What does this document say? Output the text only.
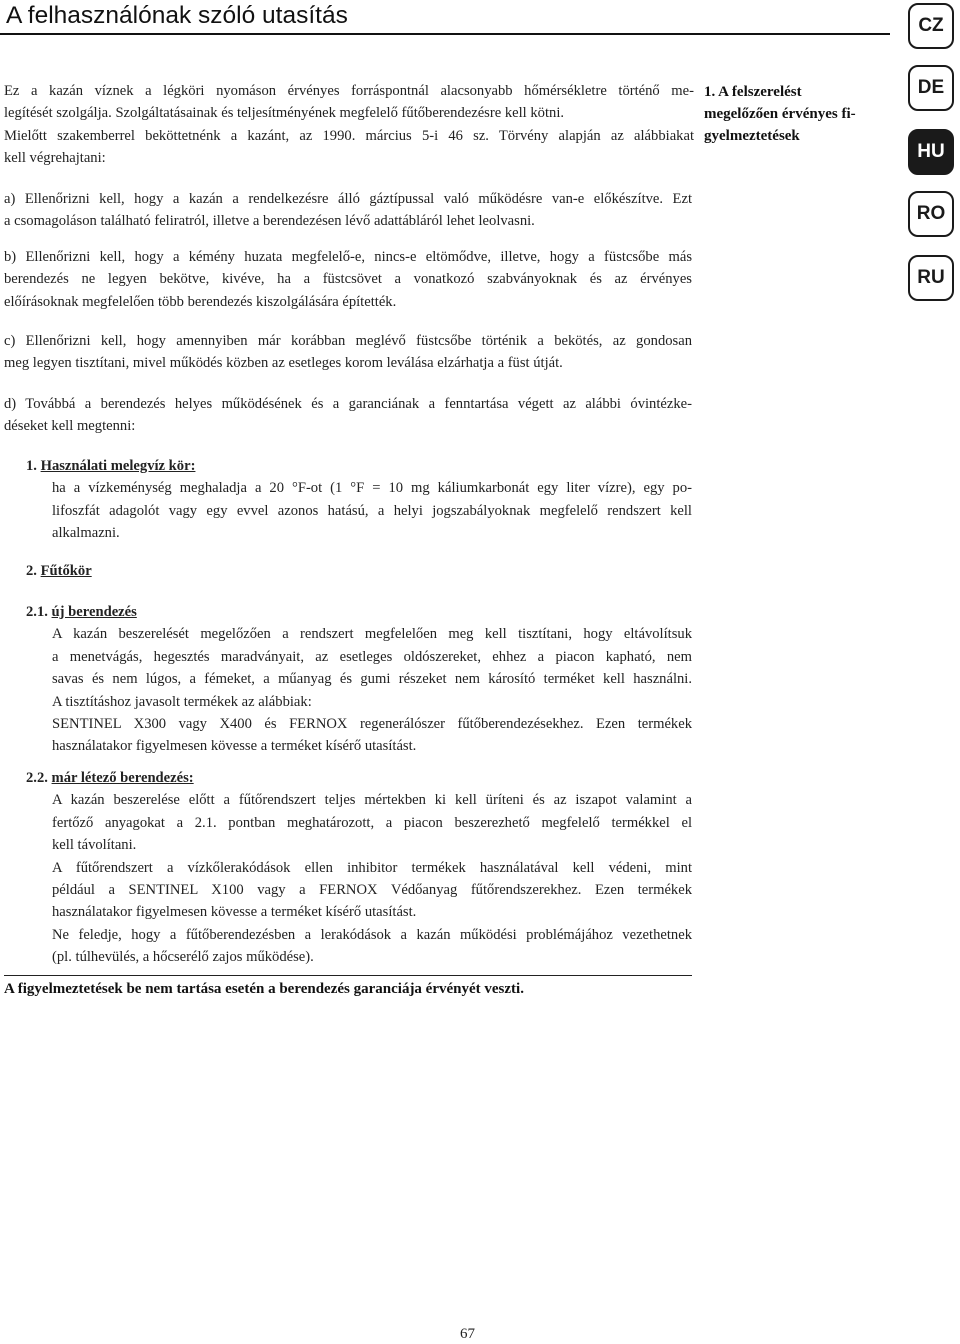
A felhasználónak szóló utasítás	CZ
DE
HU
RO
RU
1. A felszerelést
megelőzően érvényes fi-
gyelmeztetések
Ez a kazán víznek a légköri nyomáson érvényes forráspontnál alacsonyabb hőmérsékletre történő me-
legítését szolgálja. Szolgáltatásainak és teljesítményének megfelelő fűtőberendezésre kell kötni.
Mielőtt szakemberrel beköttetnénk a kazánt, az 1990. március 5-i 46 sz. Törvény alapján az alábbiakat
kell végrehajtani:
a) Ellenőrizni kell, hogy a kazán a rendelkezésre álló gáztípussal való működésre van-e előkészítve. Ezt
a csomagoláson található feliratról, illetve a berendezésen lévő adattábláról lehet leolvasni.
b) Ellenőrizni kell, hogy a kémény huzata megfelelő-e, nincs-e eltömődve, illetve, hogy a füstcsőbe más
berendezés ne legyen bekötve, kivéve, ha a füstcsövet a vonatkozó szabványoknak és az érvényes
előírásoknak megfelelően több berendezés kiszolgálására építették.
c) Ellenőrizni kell, hogy amennyiben már korábban meglévő füstcsőbe történik a bekötés, az gondosan
meg legyen tisztítani, mivel működés közben az esetleges korom leválása elzárhatja a füst útját.
d) Továbbá a berendezés helyes működésének és a garanciának a fenntartása végett az alábbi óvintézke-
déseket kell megtenni:
1. Használati melegvíz kör:
ha a vízkeménység meghaladja a 20 °F-ot (1 °F = 10 mg káliumkarbonát egy liter vízre), egy po-
lifoszfát adagolót vagy egy evvel azonos hatású, a helyi jogszabályoknak megfelelő rendszert kell
alkalmazni.
2. Fűtőkör
2.1. új berendezés
A kazán beszerelését megelőzően a rendszert megfelelően meg kell tisztítani, hogy eltávolítsuk
a menetvágás, hegesztés maradványait, az esetleges oldószereket, ehhez a piacon kapható, nem
savas és nem lúgos, a fémeket, a műanyag és gumi részeket nem károsító terméket kell használni.
A tisztításhoz javasolt termékek az alábbiak:
SENTINEL X300 vagy X400 és FERNOX regenerálószer fűtőberendezésekhez. Ezen termékek
használatakor figyelmesen kövesse a terméket kísérő utasítást.
2.2. már létező berendezés:
A kazán beszerelése előtt a fűtőrendszert teljes mértekben ki kell üríteni és az iszapot valamint a
fertőző anyagokat a 2.1. pontban meghatározott, a piacon beszerezhető megfelelő termékkel el
kell távolítani.
A fűtőrendszert a vízkőlerakódások ellen inhibitor termékek használatával kell védeni, mint
például a SENTINEL X100 vagy a FERNOX Védőanyag fűtőrendszerekhez. Ezen termékek
használatakor figyelmesen kövesse a terméket kísérő utasítást.
Ne feledje, hogy a fűtőberendezésben a lerakódások a kazán működési problémájához vezethetnek
(pl. túlhevülés, a hőcserélő zajos működése).
A figyelmeztetések be nem tartása esetén a berendezés garanciája érvényét veszti.
67
